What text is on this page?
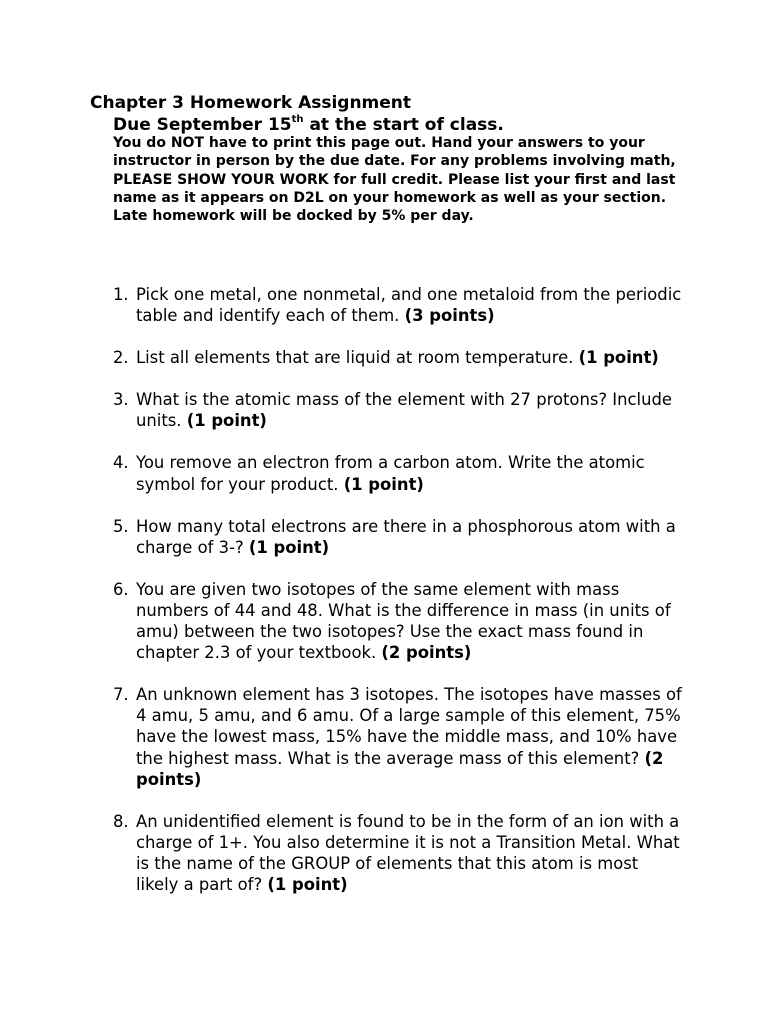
Chapter 3 Homework Assignment
Due September 15th at the start of class.
You do NOT have to print this page out. Hand your answers to your instructor in person by the due date. For any problems involving math, PLEASE SHOW YOUR WORK for full credit. Please list your first and last name as it appears on D2L on your homework as well as your section. Late homework will be docked by 5% per day.
1. Pick one metal, one nonmetal, and one metaloid from the periodic table and identify each of them. (3 points)
2. List all elements that are liquid at room temperature. (1 point)
3. What is the atomic mass of the element with 27 protons? Include units. (1 point)
4. You remove an electron from a carbon atom. Write the atomic symbol for your product. (1 point)
5. How many total electrons are there in a phosphorous atom with a charge of 3-? (1 point)
6. You are given two isotopes of the same element with mass numbers of 44 and 48. What is the difference in mass (in units of amu) between the two isotopes? Use the exact mass found in chapter 2.3 of your textbook. (2 points)
7. An unknown element has 3 isotopes. The isotopes have masses of 4 amu, 5 amu, and 6 amu. Of a large sample of this element, 75% have the lowest mass, 15% have the middle mass, and 10% have the highest mass. What is the average mass of this element? (2 points)
8. An unidentified element is found to be in the form of an ion with a charge of 1+. You also determine it is not a Transition Metal. What is the name of the GROUP of elements that this atom is most likely a part of? (1 point)
